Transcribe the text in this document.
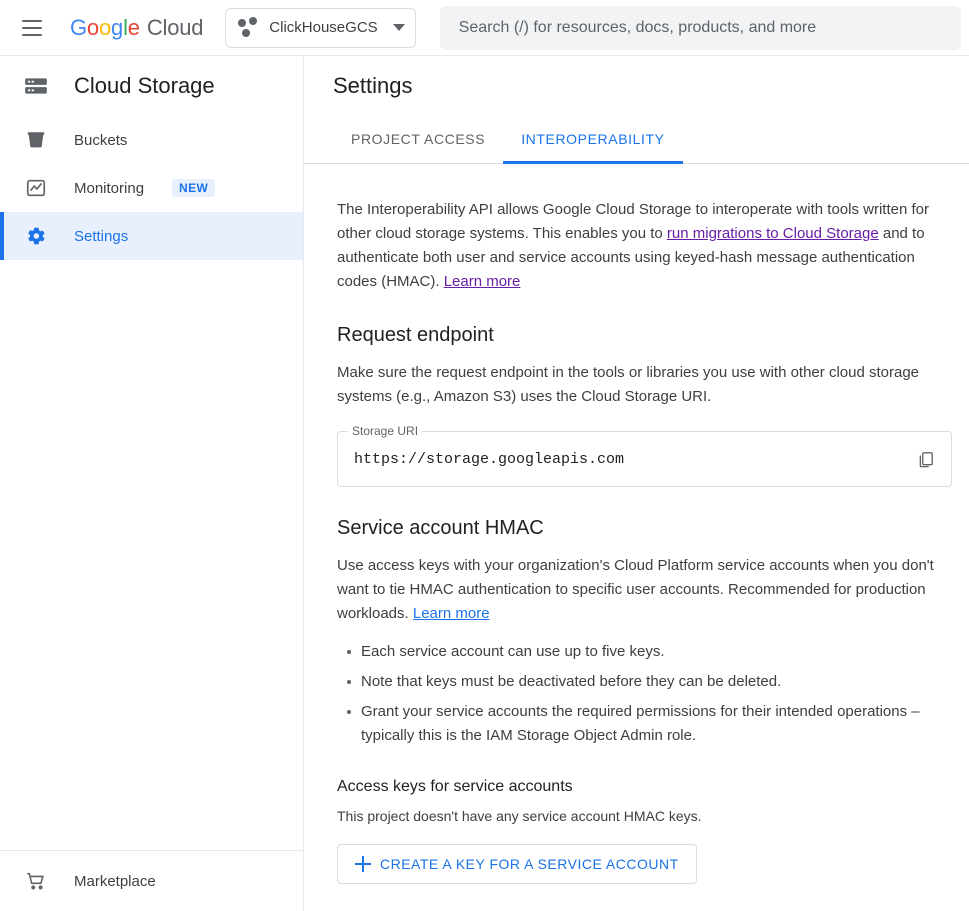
Google Cloud	ClickHouseGCS
Search (/) for resources, docs, products, and more
Cloud Storage
Buckets
Monitoring	NEW
Settings
Marketplace
Settings
PROJECT ACCESS	INTEROPERABILITY

The Interoperability API allows Google Cloud Storage to interoperate with tools written for other cloud storage systems. This enables you to run migrations to Cloud Storage and to authenticate both user and service accounts using keyed-hash message authentication codes (HMAC). Learn more

Request endpoint

Make sure the request endpoint in the tools or libraries you use with other cloud storage systems (e.g., Amazon S3) uses the Cloud Storage URI.

Storage URI
https://storage.googleapis.com
Service account HMAC

Use access keys with your organization's Cloud Platform service accounts when you don't want to tie HMAC authentication to specific user accounts. Recommended for production workloads. Learn more

Each service account can use up to five keys.
Note that keys must be deactivated before they can be deleted.
Grant your service accounts the required permissions for their intended operations – typically this is the IAM Storage Object Admin role.
Access keys for service accounts
This project doesn't have any service account HMAC keys.
CREATE A KEY FOR A SERVICE ACCOUNT
